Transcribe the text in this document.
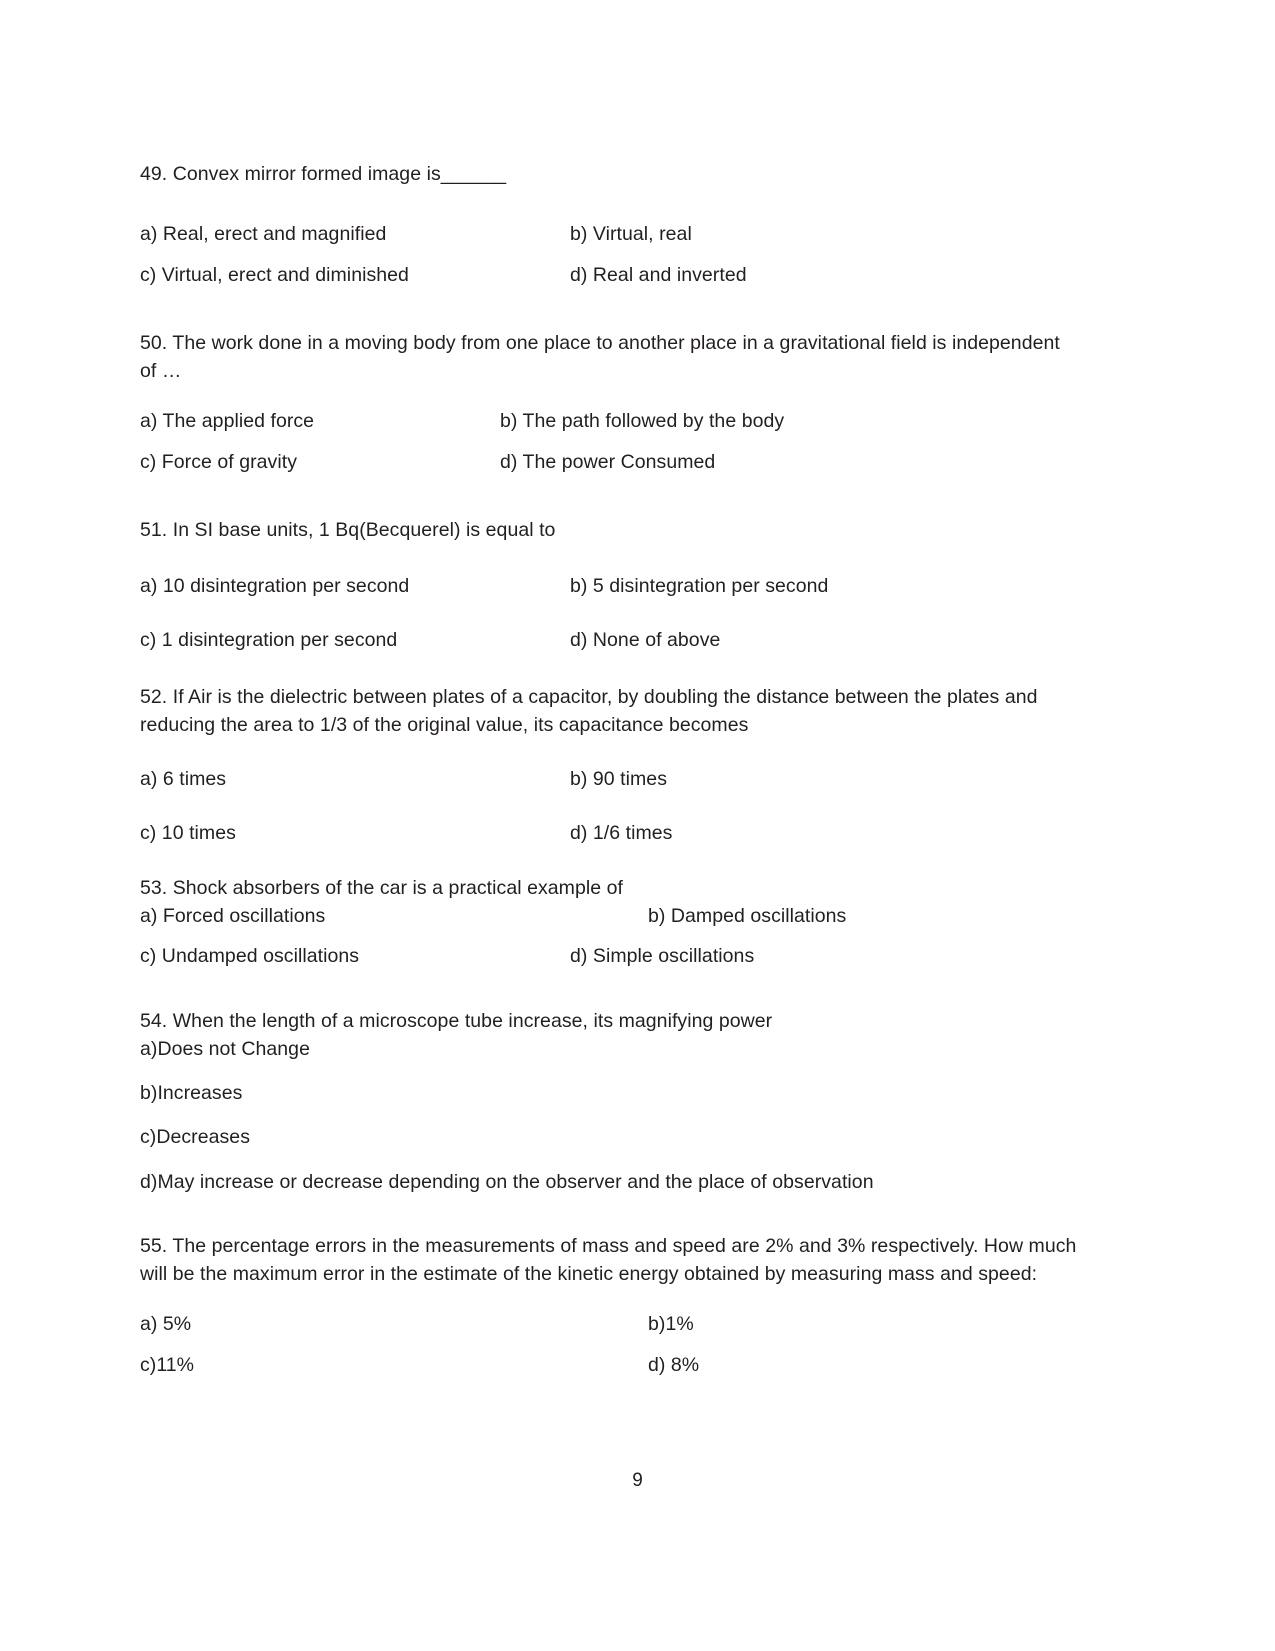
49. Convex mirror formed image is______

a) Real, erect and magnified	b) Virtual, real
c) Virtual, erect and diminished	d) Real and inverted

50. The work done in a moving body from one place to another place in a gravitational field is independent of …

a) The applied force	b) The path followed by the body
c) Force of gravity	d) The power Consumed

51. In SI base units, 1 Bq(Becquerel) is equal to

a) 10 disintegration per second	b) 5 disintegration per second
c) 1 disintegration per second	d) None of above

52. If Air is the dielectric between plates of a capacitor, by doubling the distance between the plates and reducing the area to 1/3 of the original value, its capacitance becomes

a) 6 times	b) 90 times
c) 10 times	d) 1/6 times

53. Shock absorbers of the car is a practical example of

a) Forced oscillations	b) Damped oscillations
c) Undamped oscillations	d) Simple oscillations

54. When the length of a microscope tube increase, its magnifying power

a)Does not Change
b)Increases
c)Decreases
d)May increase or decrease depending on the observer and the place of observation

55. The percentage errors in the measurements of mass and speed are 2% and 3% respectively. How much will be the maximum error in the estimate of the kinetic energy obtained by measuring mass and speed:

a) 5%	b)1%
c)11%	d) 8%
9
